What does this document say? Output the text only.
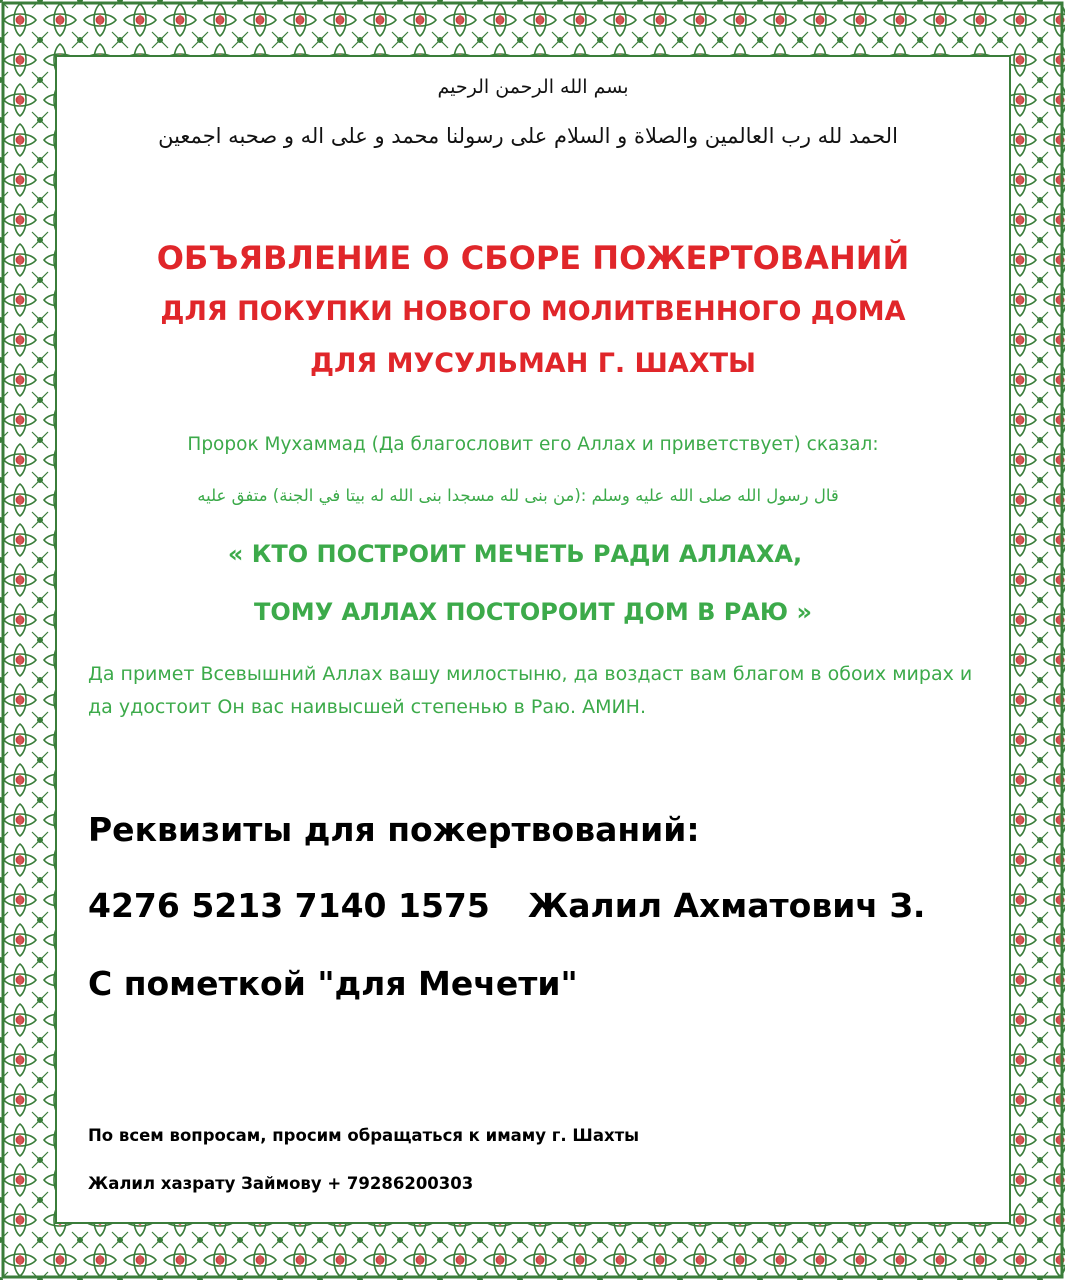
بسم الله الرحمن الرحيم

الحمد لله رب العالمين والصلاة و السلام على رسولنا محمد و على اله و صحبه اجمعين

ОБЪЯВЛЕНИЕ О СБОРЕ ПОЖЕРТОВАНИЙ

ДЛЯ ПОКУПКИ НОВОГО МОЛИТВЕННОГО ДОМА

ДЛЯ МУСУЛЬМАН Г. ШАХТЫ

Пророк Мухаммад (Да благословит его Аллах и приветствует) сказал:
قال رسول الله صلى الله عليه وسلم :(من بنى لله مسجدا بنى الله له بيتا في الجنة) متفق عليه
« КТО ПОСТРОИТ МЕЧЕТЬ РАДИ АЛЛАХА,
ТОМУ АЛЛАХ ПОСТОРОИТ ДОМ В РАЮ »
Да примет Всевышний Аллах вашу милостыню, да воздаст вам благом в обоих мирах и да удостоит Он вас наивысшей степенью в Раю. АМИН.
Реквизиты для пожертвований:
4276 5213 7140 1575 Жалил Ахматович З.
С пометкой "для Мечети"
По всем вопросам, просим обращаться к имаму г. Шахты
Жалил хазрату Займову + 79286200303
